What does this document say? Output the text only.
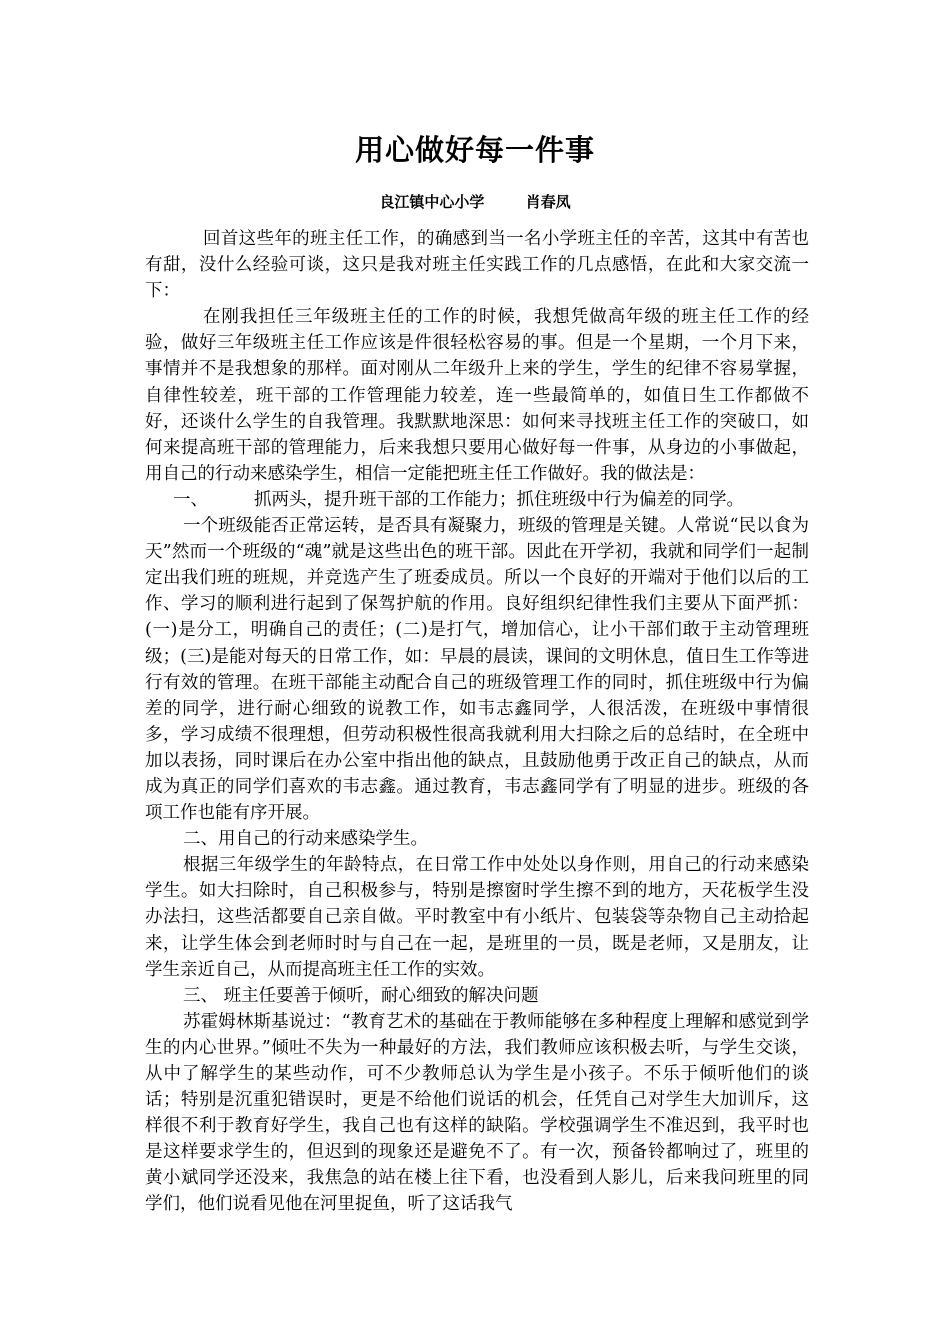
用心做好每一件事
良江镇中心小学	肖春凤

回首这些年的班主任工作，的确感到当一名小学班主任的辛苦，这其中有苦也有甜，没什么经验可谈，这只是我对班主任实践工作的几点感悟，在此和大家交流一下：

在刚我担任三年级班主任的工作的时候，我想凭做高年级的班主任工作的经验，做好三年级班主任工作应该是件很轻松容易的事。但是一个星期，一个月下来，事情并不是我想象的那样。面对刚从二年级升上来的学生，学生的纪律不容易掌握，自律性较差，班干部的工作管理能力较差，连一些最简单的，如值日生工作都做不好，还谈什么学生的自我管理。我默默地深思：如何来寻找班主任工作的突破口，如何来提高班干部的管理能力，后来我想只要用心做好每一件事，从身边的小事做起，用自己的行动来感染学生，相信一定能把班主任工作做好。我的做法是：

一、	抓两头，提升班干部的工作能力；抓住班级中行为偏差的同学。

一个班级能否正常运转，是否具有凝聚力，班级的管理是关键。人常说“民以食为天”然而一个班级的“魂”就是这些出色的班干部。因此在开学初，我就和同学们一起制定出我们班的班规，并竞选产生了班委成员。所以一个良好的开端对于他们以后的工作、学习的顺利进行起到了保驾护航的作用。良好组织纪律性我们主要从下面严抓：(一)是分工，明确自己的责任；(二)是打气，增加信心，让小干部们敢于主动管理班级；(三)是能对每天的日常工作，如：早晨的晨读，课间的文明休息，值日生工作等进行有效的管理。在班干部能主动配合自己的班级管理工作的同时，抓住班级中行为偏差的同学，进行耐心细致的说教工作，如韦志鑫同学，人很活泼，在班级中事情很多，学习成绩不很理想，但劳动积极性很高我就利用大扫除之后的总结时，在全班中加以表扬，同时课后在办公室中指出他的缺点，且鼓励他勇于改正自己的缺点，从而成为真正的同学们喜欢的韦志鑫。通过教育，韦志鑫同学有了明显的进步。班级的各项工作也能有序开展。

二、用自己的行动来感染学生。

根据三年级学生的年龄特点，在日常工作中处处以身作则，用自己的行动来感染学生。如大扫除时，自己积极参与，特别是擦窗时学生擦不到的地方，天花板学生没办法扫，这些活都要自己亲自做。平时教室中有小纸片、包装袋等杂物自己主动拾起来，让学生体会到老师时时与自己在一起，是班里的一员，既是老师，又是朋友，让学生亲近自己，从而提高班主任工作的实效。

三、 班主任要善于倾听，耐心细致的解决问题

苏霍姆林斯基说过：“教育艺术的基础在于教师能够在多种程度上理解和感觉到学生的内心世界。”倾吐不失为一种最好的方法，我们教师应该积极去听，与学生交谈，从中了解学生的某些动作，可不少教师总认为学生是小孩子。不乐于倾听他们的谈话；特别是沉重犯错误时，更是不给他们说话的机会，任凭自己对学生大加训斥，这样很不利于教育好学生，我自己也有这样的缺陷。学校强调学生不准迟到，我平时也是这样要求学生的，但迟到的现象还是避免不了。有一次，预备铃都响过了，班里的黄小斌同学还没来，我焦急的站在楼上往下看，也没看到人影儿，后来我问班里的同学们，他们说看见他在河里捉鱼，听了这话我气
